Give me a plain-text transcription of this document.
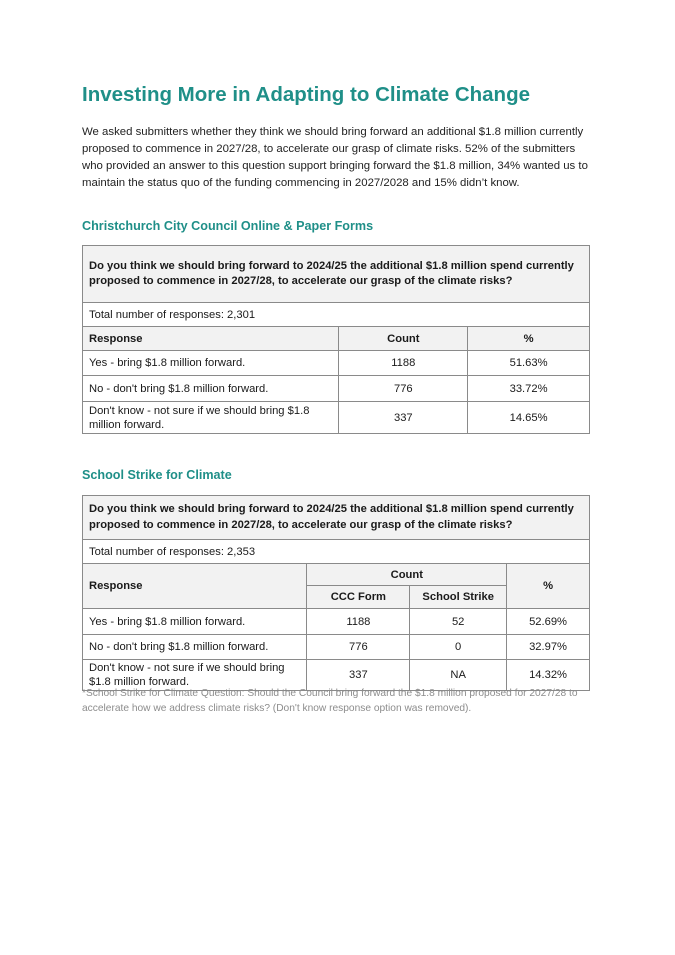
Investing More in Adapting to Climate Change

We asked submitters whether they think we should bring forward an additional $1.8 million currently proposed to commence in 2027/28, to accelerate our grasp of climate risks. 52% of the submitters who provided an answer to this question support bringing forward the $1.8 million, 34% wanted us to maintain the status quo of the funding commencing in 2027/2028 and 15% didn’t know.

Christchurch City Council Online & Paper Forms
Do you think we should bring forward to 2024/25 the additional $1.8 million spend currently proposed to commence in 2027/28, to accelerate our grasp of the climate risks?		
Total number of responses: 2,301		
Response	Count	%
Yes - bring $1.8 million forward.	1188	51.63%
No - don't bring $1.8 million forward.	776	33.72%
Don't know - not sure if we should bring $1.8 million forward.	337	14.65%
School Strike for Climate
Do you think we should bring forward to 2024/25 the additional $1.8 million spend currently proposed to commence in 2027/28, to accelerate our grasp of the climate risks?			
Total number of responses: 2,353			
Response	Count		%
	CCC Form	School Strike	
Yes - bring $1.8 million forward.	1188	52	52.69%
No - don't bring $1.8 million forward.	776	0	32.97%
Don't know - not sure if we should bring $1.8 million forward.	337	NA	14.32%

*School Strike for Climate Question: Should the Council bring forward the $1.8 million proposed for 2027/28 to accelerate how we address climate risks? (Don't know response option was removed).
